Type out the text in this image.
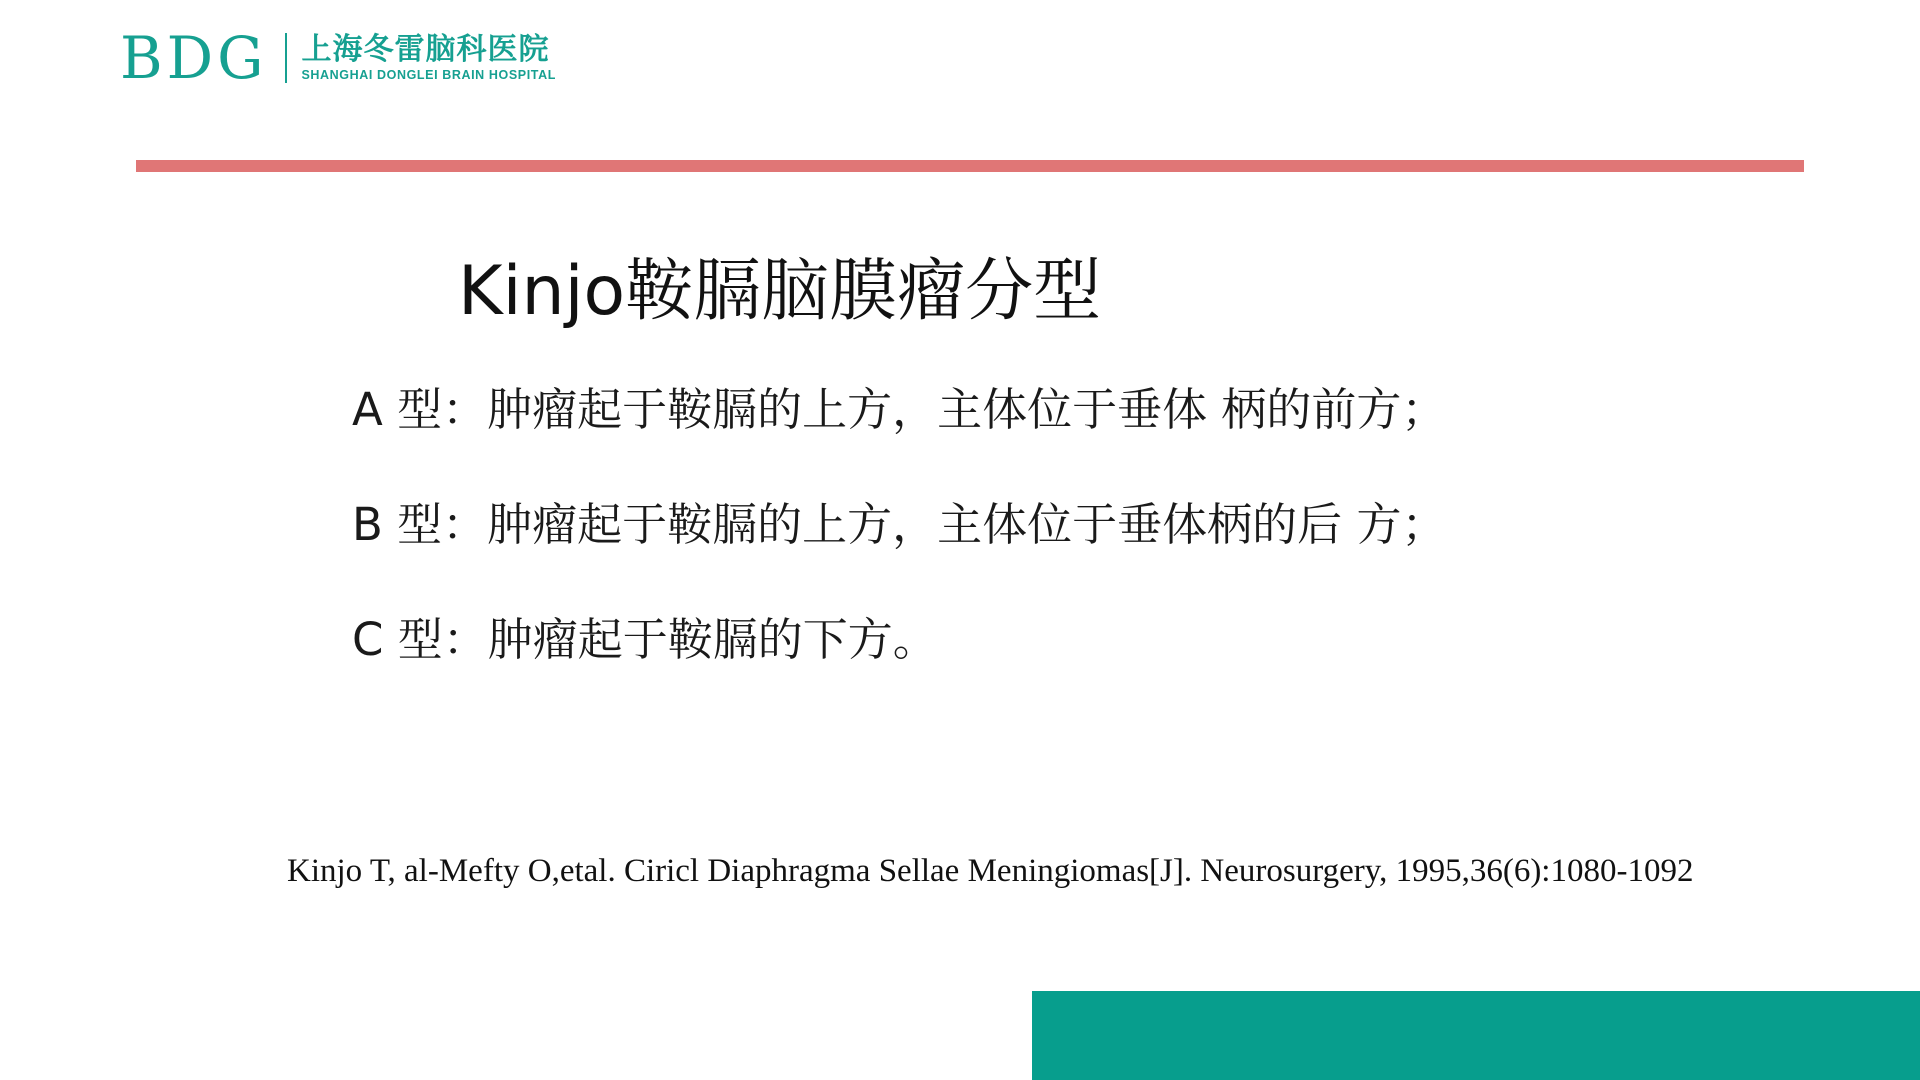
BDG 上海冬雷脑科医院
SHANGHAI DONGLEI BRAIN HOSPITAL
Kinjo鞍膈脑膜瘤分型
A 型：肿瘤起于鞍膈的上方，主体位于垂体 柄的前方；
B 型：肿瘤起于鞍膈的上方，主体位于垂体柄的后 方；
C 型：肿瘤起于鞍膈的下方。
Kinjo T, al-Mefty O,etal. Ciricl Diaphragma Sellae Meningiomas[J]. Neurosurgery, 1995,36(6):1080-1092
